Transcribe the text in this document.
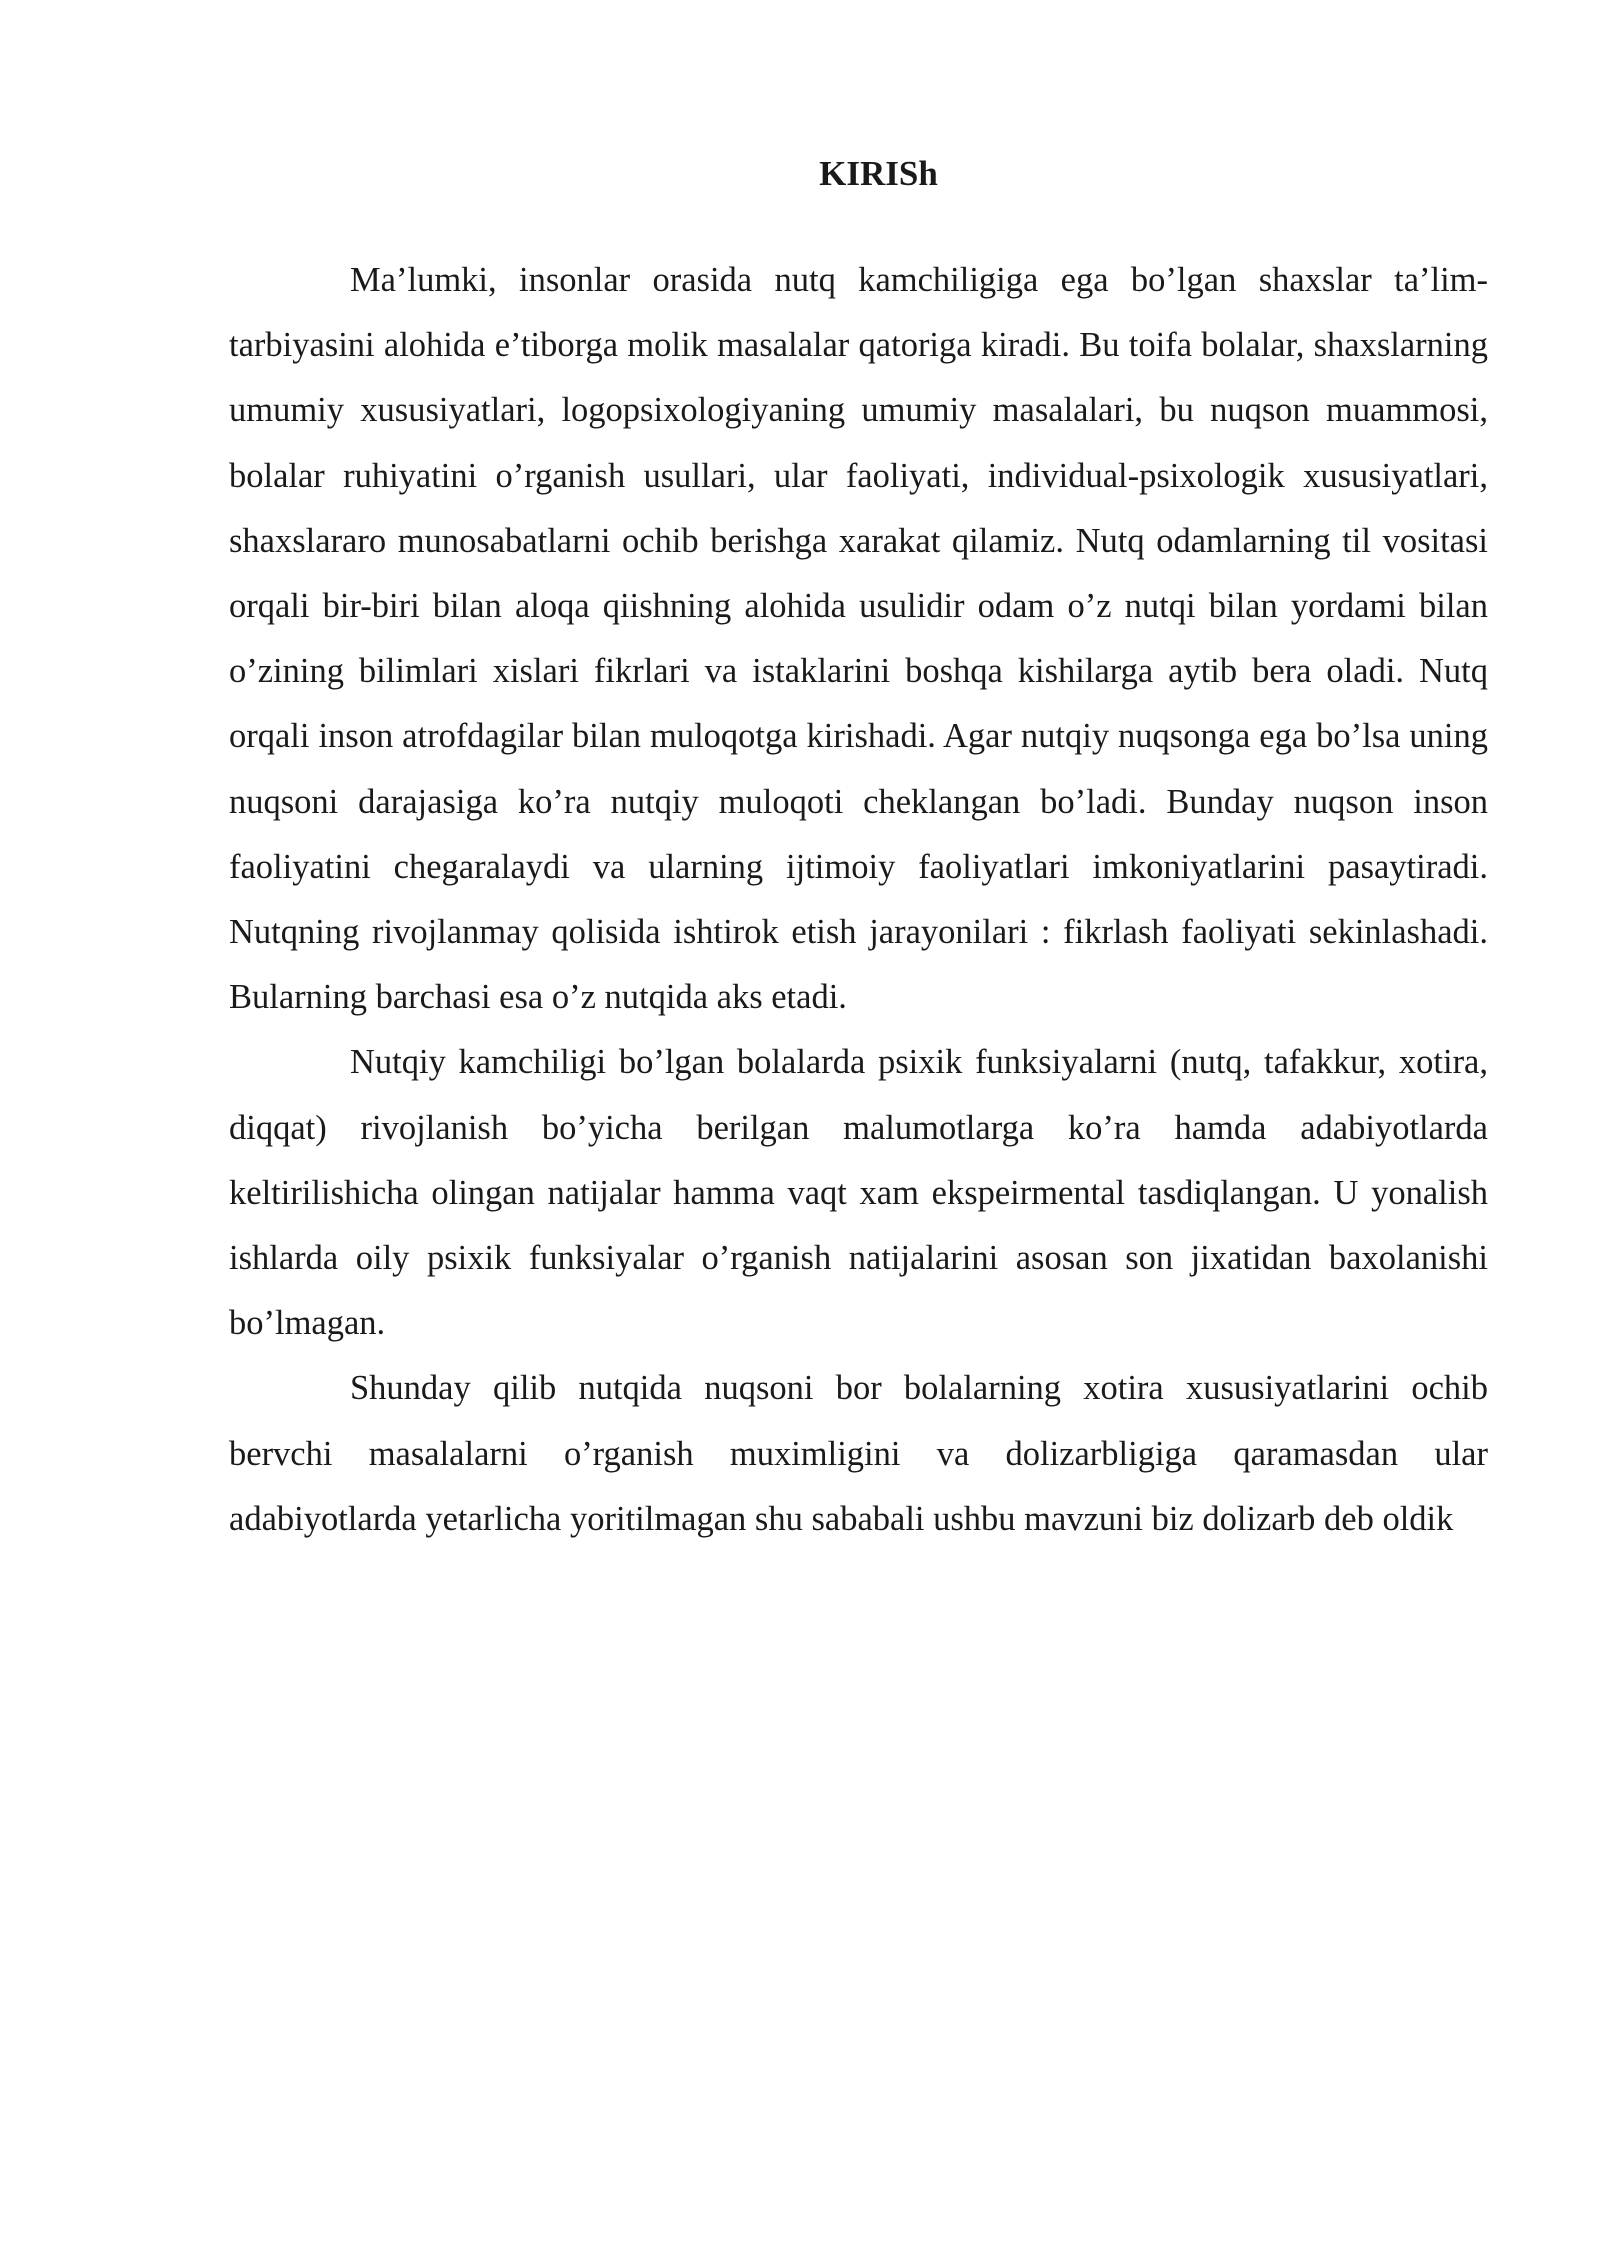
KIRISh

Ma’lumki, insonlar orasida nutq kamchiligiga ega bo’lgan shaxslar ta’lim-tarbiyasini alohida e’tiborga molik masalalar qatoriga kiradi. Bu toifa bolalar, shaxslarning umumiy xususiyatlari, logopsixologiyaning umumiy masalalari, bu nuqson muammosi, bolalar ruhiyatini o’rganish usullari, ular faoliyati, individual-psixologik xususiyatlari, shaxslararo munosabatlarni ochib berishga xarakat qilamiz. Nutq odamlarning til vositasi orqali bir-biri bilan aloqa qiishning alohida usulidir odam o’z nutqi bilan yordami bilan o’zining bilimlari xislari fikrlari va istaklarini boshqa kishilarga aytib bera oladi. Nutq orqali inson atrofdagilar bilan muloqotga kirishadi. Agar nutqiy nuqsonga ega bo’lsa uning nuqsoni darajasiga ko’ra nutqiy muloqoti cheklangan bo’ladi. Bunday nuqson inson faoliyatini chegaralaydi va ularning ijtimoiy faoliyatlari imkoniyatlarini pasaytiradi. Nutqning rivojlanmay qolisida ishtirok etish jarayonilari : fikrlash faoliyati sekinlashadi. Bularning barchasi esa o’z nutqida aks etadi.

Nutqiy kamchiligi bo’lgan bolalarda psixik funksiyalarni (nutq, tafakkur, xotira, diqqat) rivojlanish bo’yicha berilgan malumotlarga ko’ra hamda adabiyotlarda keltirilishicha olingan natijalar hamma vaqt xam ekspeirmental tasdiqlangan. U yonalish ishlarda oily psixik funksiyalar o’rganish natijalarini asosan son jixatidan baxolanishi bo’lmagan.

Shunday qilib nutqida nuqsoni bor bolalarning xotira xususiyatlarini ochib bervchi masalalarni o’rganish muximligini va dolizarbligiga qaramasdan ular adabiyotlarda yetarlicha yoritilmagan shu sababali ushbu mavzuni biz dolizarb deb oldik
